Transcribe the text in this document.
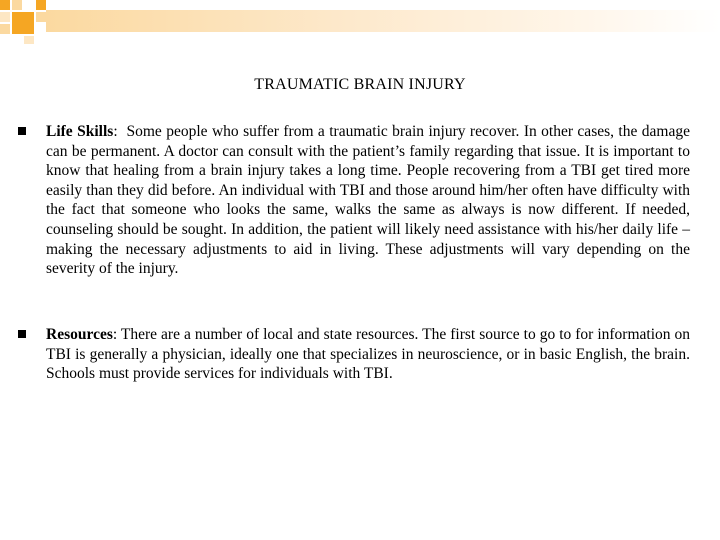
TRAUMATIC BRAIN INJURY
Life Skills:  Some people who suffer from a traumatic brain injury recover. In other cases, the damage can be permanent. A doctor can consult with the patient’s family regarding that issue. It is important to know that healing from a brain injury takes a long time. People recovering from a TBI get tired more easily than they did before. An individual with TBI and those around him/her often have difficulty with the fact that someone who looks the same, walks the same as always is now different. If needed, counseling should be sought. In addition, the patient will likely need assistance with his/her daily life – making the necessary adjustments to aid in living. These adjustments will vary depending on the severity of the injury.
Resources: There are a number of local and state resources. The first source to go to for information on TBI is generally a physician, ideally one that specializes in neuroscience, or in basic English, the brain. Schools must provide services for individuals with TBI.
